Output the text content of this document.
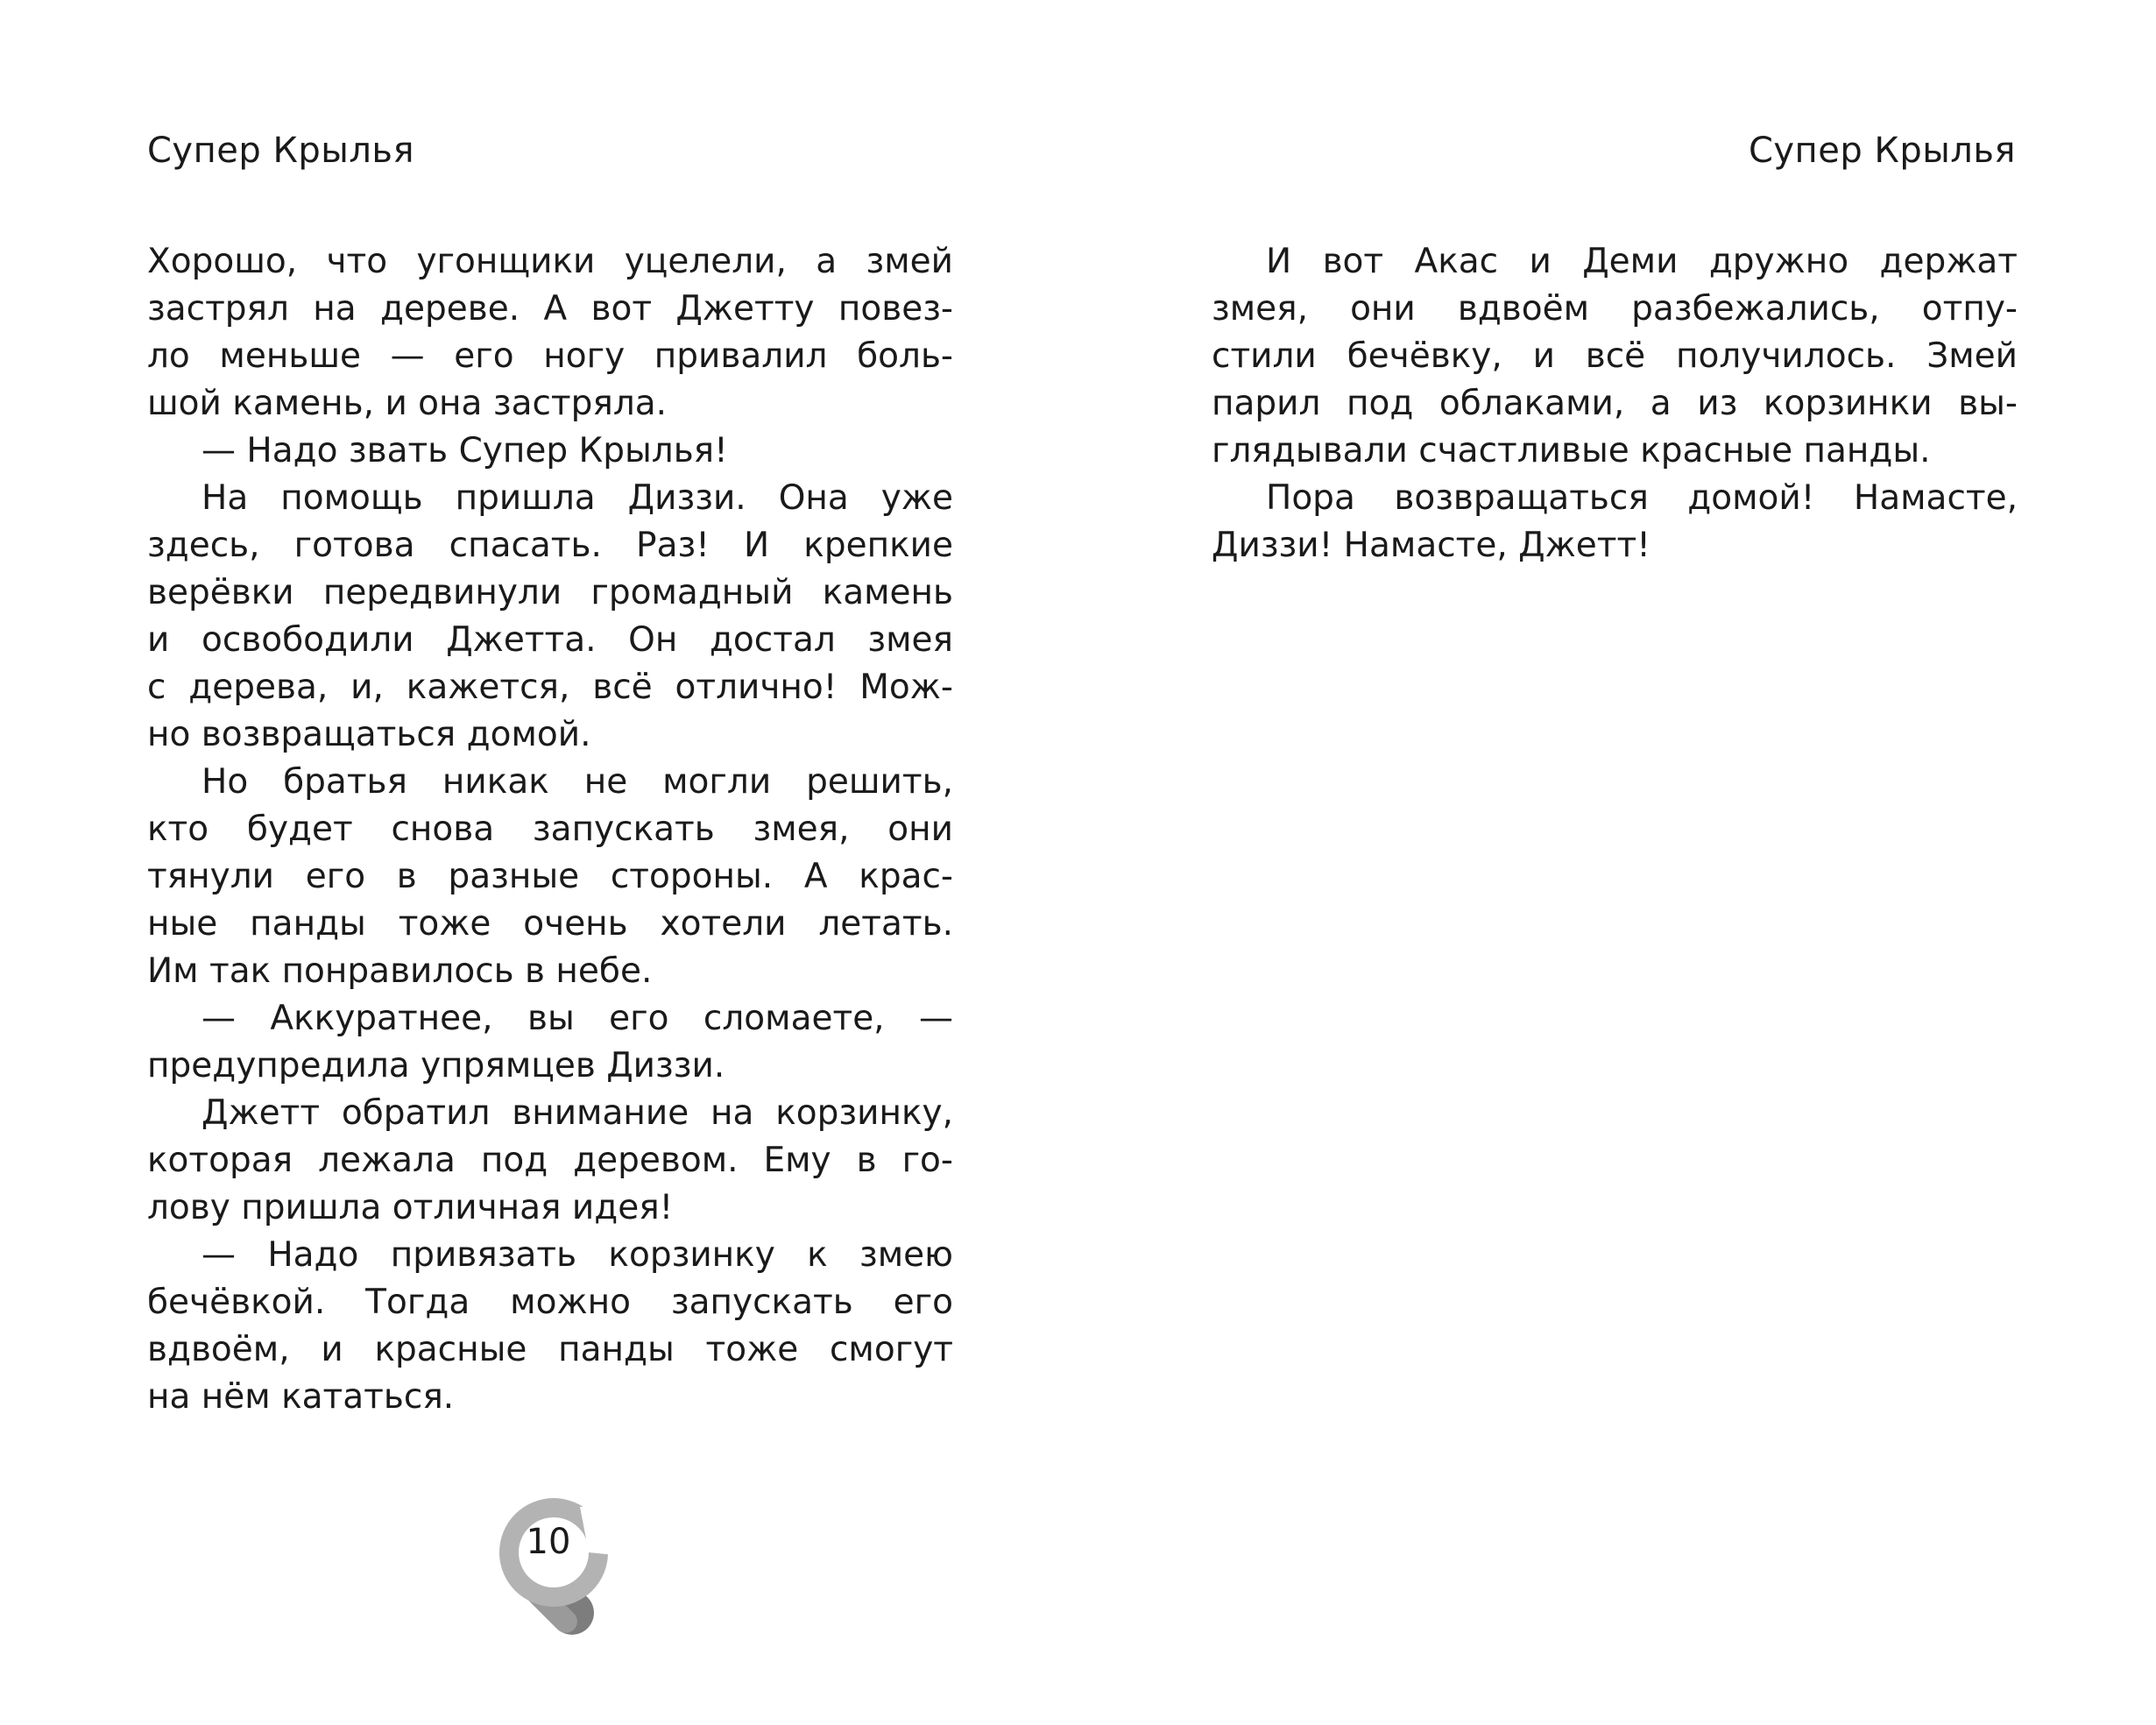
Супер Крылья	Супер Крылья
Хорошо, что угонщики уцелели, а змей
застрял на дереве. А вот Джетту повез-
ло меньше — его ногу привалил боль-
шой камень, и она застряла.
— Надо звать Супер Крылья!
На помощь пришла Диззи. Она уже
здесь, готова спасать. Раз! И крепкие
верёвки передвинули громадный камень
и освободили Джетта. Он достал змея
с дерева, и, кажется, всё отлично! Мож-
но возвращаться домой.
Но братья никак не могли решить,
кто будет снова запускать змея, они
тянули его в разные стороны. А крас-
ные панды тоже очень хотели летать.
Им так понравилось в небе.
— Аккуратнее, вы его сломаете, —
предупредила упрямцев Диззи.
Джетт обратил внимание на корзинку,
которая лежала под деревом. Ему в го-
лову пришла отличная идея!
— Надо привязать корзинку к змею
бечёвкой. Тогда можно запускать его
вдвоём, и красные панды тоже смогут
на нём кататься.
И вот Акас и Деми дружно держат
змея, они вдвоём разбежались, отпу-
стили бечёвку, и всё получилось. Змей
парил под облаками, а из корзинки вы-
глядывали счастливые красные панды.
Пора возвращаться домой! Намасте,
Диззи! Намасте, Джетт!
10
